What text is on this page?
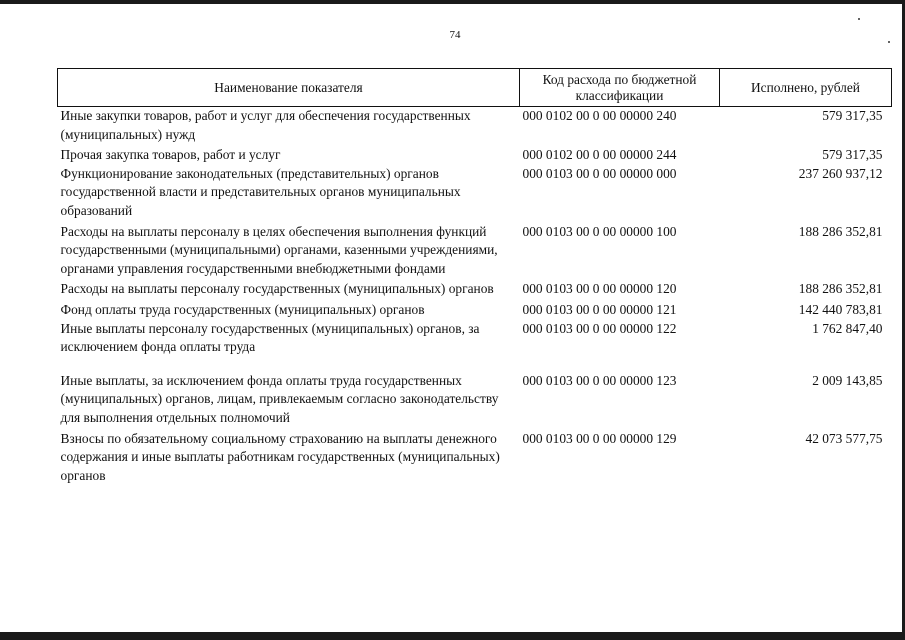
74
Наименование показателя	Код расхода по бюджетной классификации	Исполнено, рублей
Иные закупки товаров, работ и услуг для обеспечения государственных (муниципальных) нужд	000 0102 00 0 00 00000 240	579 317,35
Прочая закупка товаров, работ и услуг	000 0102 00 0 00 00000 244	579 317,35
Функционирование законодательных (представительных) органов государственной власти и представительных органов муниципальных образований	000 0103 00 0 00 00000 000	237 260 937,12
Расходы на выплаты персоналу в целях обеспечения выполнения функций государственными (муниципальными) органами, казенными учреждениями, органами управления государственными внебюджетными фондами	000 0103 00 0 00 00000 100	188 286 352,81
Расходы на выплаты персоналу государственных (муниципальных) органов	000 0103 00 0 00 00000 120	188 286 352,81
Фонд оплаты труда государственных (муниципальных) органов	000 0103 00 0 00 00000 121	142 440 783,81
Иные выплаты персоналу государственных (муниципальных) органов, за исключением фонда оплаты труда	000 0103 00 0 00 00000 122	1 762 847,40
Иные выплаты, за исключением фонда оплаты труда государственных (муниципальных) органов, лицам, привлекаемым согласно законодательству для выполнения отдельных полномочий	000 0103 00 0 00 00000 123	2 009 143,85
Взносы по обязательному социальному страхованию на выплаты денежного содержания и иные выплаты работникам государственных (муниципальных) органов	000 0103 00 0 00 00000 129	42 073 577,75
